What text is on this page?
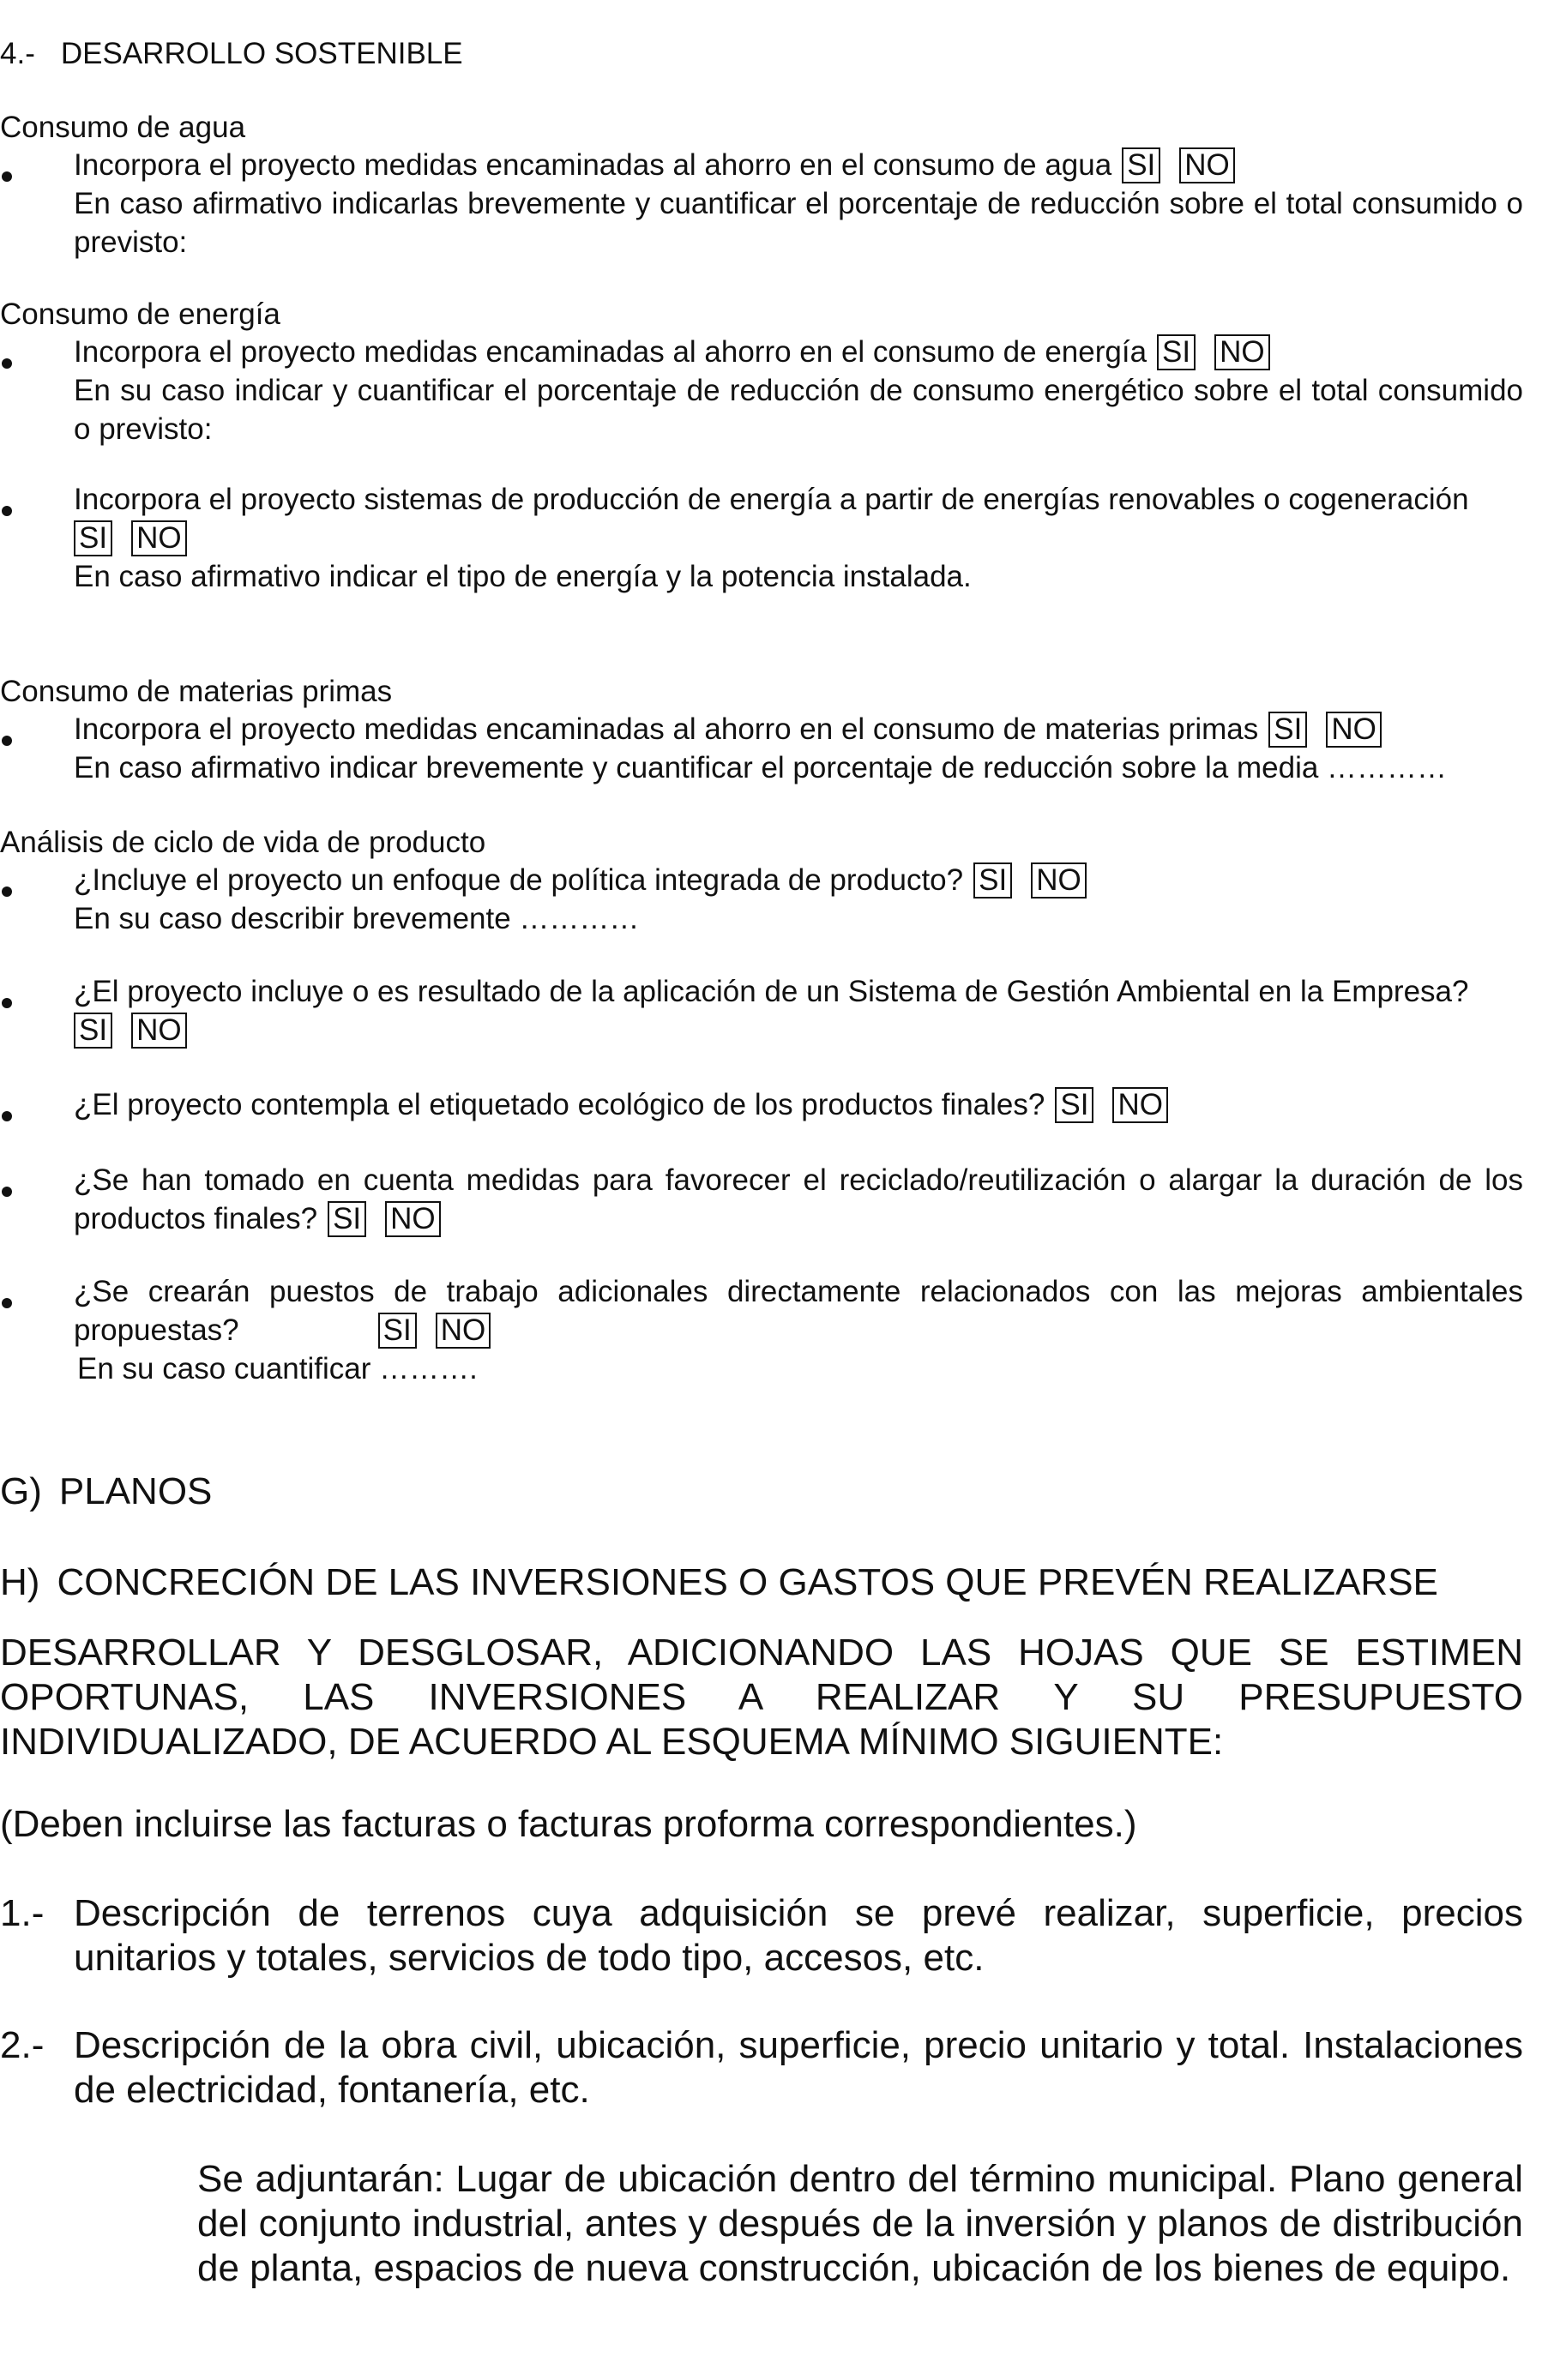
4.- DESARROLLO SOSTENIBLE
Consumo de agua

Incorpora el proyecto medidas encaminadas al ahorro en el consumo de agua SI NO

En caso afirmativo indicarlas brevemente y cuantificar el porcentaje de reducción sobre el total consumido o previsto:

Consumo de energía

Incorpora el proyecto medidas encaminadas al ahorro en el consumo de energía SI NO

En su caso indicar y cuantificar el porcentaje de reducción de consumo energético sobre el total consumido o previsto:

Incorpora el proyecto sistemas de producción de energía a partir de energías renovables o cogeneración

SI NO

En caso afirmativo indicar el tipo de energía y la potencia instalada.

Consumo de materias primas

Incorpora el proyecto medidas encaminadas al ahorro en el consumo de materias primas SI NO

En caso afirmativo indicar brevemente y cuantificar el porcentaje de reducción sobre la media …………

Análisis de ciclo de vida de producto

¿Incluye el proyecto un enfoque de política integrada de producto? SI NO

En su caso describir brevemente …………

¿El proyecto incluye o es resultado de la aplicación de un Sistema de Gestión Ambiental en la Empresa?

SI NO

¿El proyecto contempla el etiquetado ecológico de los productos finales? SI NO

¿Se han tomado en cuenta medidas para favorecer el reciclado/reutilización o alargar la duración de los productos finales? SI NO

¿Se crearán puestos de trabajo adicionales directamente relacionados con las mejoras ambientales propuestas?	SI NO

En su caso cuantificar ……….

G) PLANOS
H) CONCRECIÓN DE LAS INVERSIONES O GASTOS QUE PREVÉN REALIZARSE

DESARROLLAR Y DESGLOSAR, ADICIONANDO LAS HOJAS QUE SE ESTIMEN OPORTUNAS, LAS INVERSIONES A REALIZAR Y SU PRESUPUESTO INDIVIDUALIZADO, DE ACUERDO AL ESQUEMA MÍNIMO SIGUIENTE:

(Deben incluirse las facturas o facturas proforma correspondientes.)
1.- Descripción de terrenos cuya adquisición se prevé realizar, superficie, precios unitarios y totales, servicios de todo tipo, accesos, etc.

2.- Descripción de la obra civil, ubicación, superficie, precio unitario y total. Instalaciones de electricidad, fontanería, etc.

Se adjuntarán: Lugar de ubicación dentro del término municipal. Plano general del conjunto industrial, antes y después de la inversión y planos de distribución de planta, espacios de nueva construcción, ubicación de los bienes de equipo.
